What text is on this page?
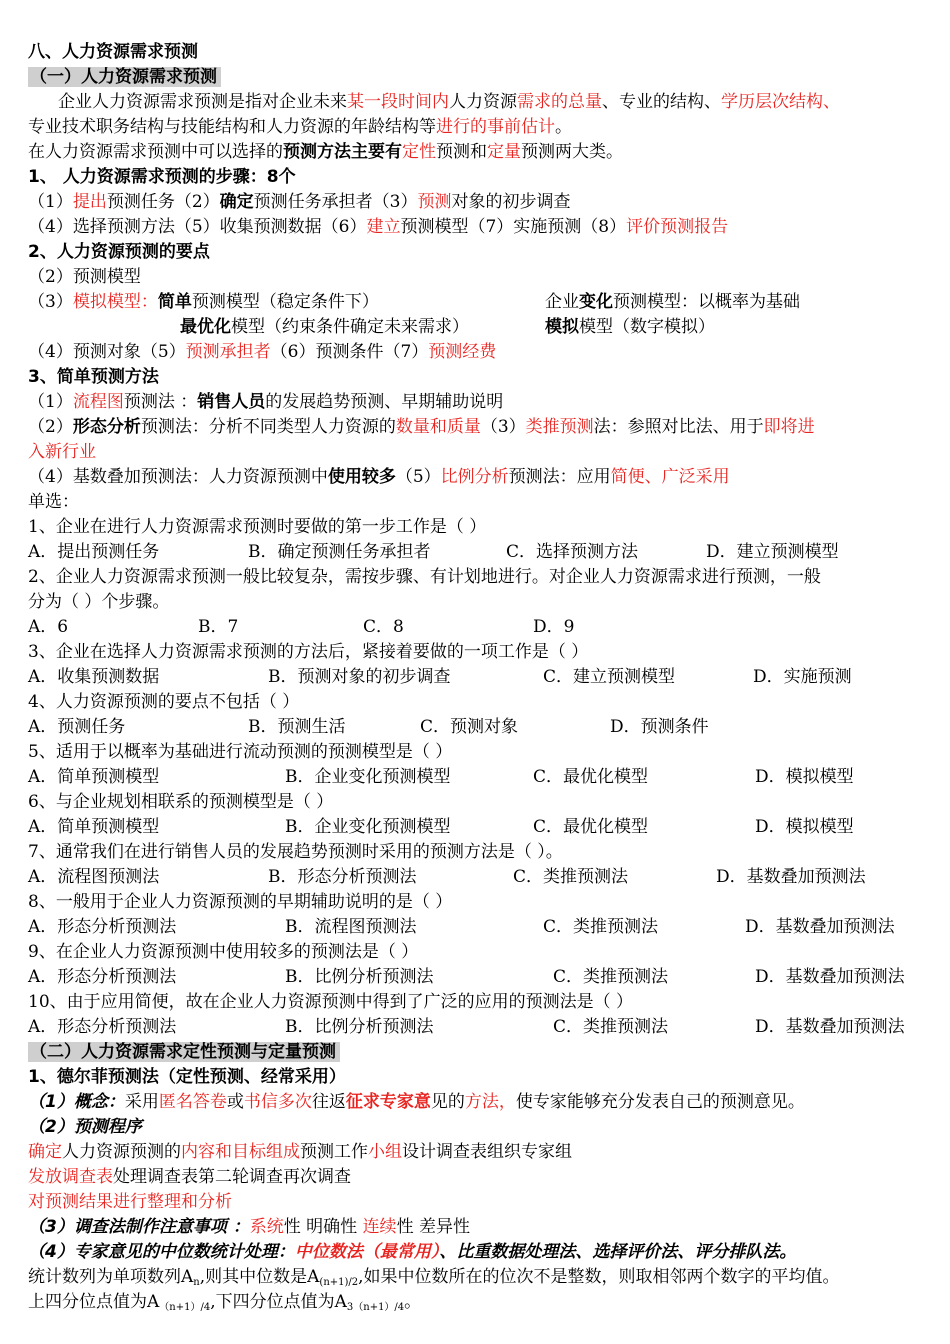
八、人力资源需求预测
（一）人力资源需求预测
企业人力资源需求预测是指对企业未来某一段时间内人力资源需求的总量、专业的结构、学历层次结构、
专业技术职务结构与技能结构和人力资源的年龄结构等进行的事前估计。
在人力资源需求预测中可以选择的预测方法主要有定性预测和定量预测两大类。
1、 人力资源需求预测的步骤：8个
（1）提出预测任务（2）确定预测任务承担者（3）预测对象的初步调查
（4）选择预测方法（5）收集预测数据（6）建立预测模型（7）实施预测（8）评价预测报告
2、人力资源预测的要点
（2）预测模型
（3）模拟模型：简单预测模型（稳定条件下）	企业变化预测模型：以概率为基础
最优化模型（约束条件确定未来需求）	模拟模型（数字模拟）
（4）预测对象（5）预测承担者（6）预测条件（7）预测经费
3、简单预测方法
（1）流程图预测法 ：销售人员的发展趋势预测、早期辅助说明
（2）形态分析预测法：分析不同类型人力资源的数量和质量（3）类推预测法：参照对比法、用于即将进
入新行业
（4）基数叠加预测法：人力资源预测中使用较多（5）比例分析预测法：应用简便、广泛采用
单选：
1、企业在进行人力资源需求预测时要做的第一步工作是（ ）
A．提出预测任务	B．确定预测任务承担者	C．选择预测方法	D．建立预测模型
2、企业人力资源需求预测一般比较复杂，需按步骤、有计划地进行。对企业人力资源需求进行预测，一般
分为（ ）个步骤。
A．6	B．7	C．8	D．9
3、企业在选择人力资源需求预测的方法后，紧接着要做的一项工作是（ ）
A．收集预测数据	B．预测对象的初步调查	C．建立预测模型	D．实施预测
4、人力资源预测的要点不包括（ ）
A．预测任务	B．预测生活	C．预测对象	D．预测条件
5、适用于以概率为基础进行流动预测的预测模型是（ ）
A．简单预测模型	B．企业变化预测模型	C．最优化模型	D．模拟模型
6、与企业规划相联系的预测模型是（ ）
A．简单预测模型	B．企业变化预测模型	C．最优化模型	D．模拟模型
7、通常我们在进行销售人员的发展趋势预测时采用的预测方法是（ ）。
A．流程图预测法	B．形态分析预测法	C．类推预测法	D．基数叠加预测法
8、一般用于企业人力资源预测的早期辅助说明的是（ ）
A．形态分析预测法	B．流程图预测法	C．类推预测法	D．基数叠加预测法
9、在企业人力资源预测中使用较多的预测法是（ ）
A．形态分析预测法	B．比例分析预测法	C．类推预测法	D．基数叠加预测法
10、由于应用简便，故在企业人力资源预测中得到了广泛的应用的预测法是（ ）
A．形态分析预测法	B．比例分析预测法	C．类推预测法	D．基数叠加预测法
（二）人力资源需求定性预测与定量预测
1、德尔菲预测法（定性预测、经常采用）
（1）概念：采用匿名答卷或书信多次往返征求专家意见的方法，使专家能够充分发表自己的预测意见。
（2）预测程序
确定人力资源预测的内容和目标组成预测工作小组设计调查表组织专家组
发放调查表处理调查表第二轮调查再次调查
对预测结果进行整理和分析
（3）调查法制作注意事项 ：系统性 明确性 连续性 差异性
（4）专家意见的中位数统计处理：中位数法（最常用）、比重数据处理法、选择评价法、评分排队法。
统计数列为单项数列$A_n$,则其中位数是$A_{(n+1)/2}$,如果中位数所在的位次不是整数，则取相邻两个数字的平均值。
上四分位点值为$A_{(n+1)/4}$,下四分位点值为$A_{3(n+1)/4}$。
